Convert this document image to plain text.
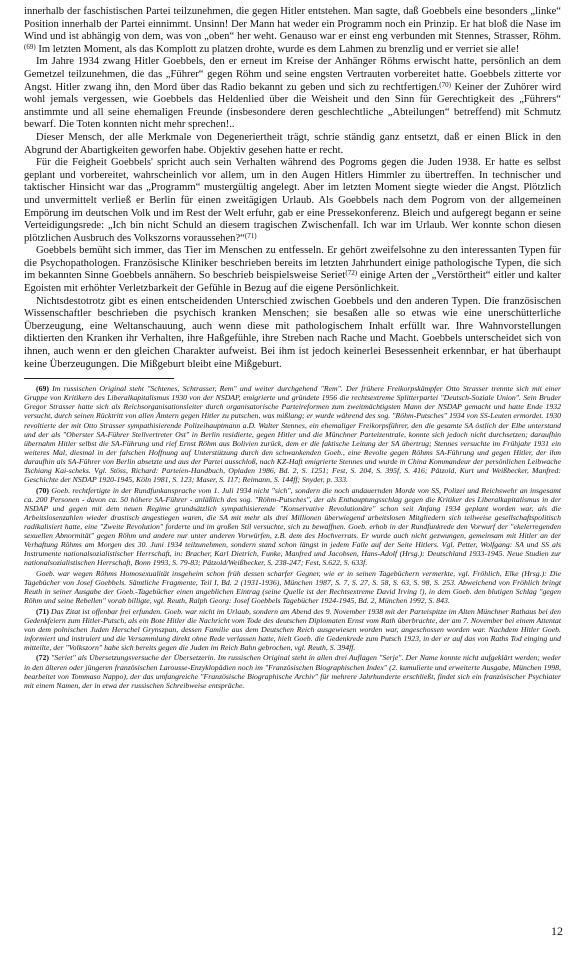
innerhalb der faschistischen Partei teilzunehmen, die gegen Hitler entstehen. Man sagte, daß Goebbels eine besonders „linke“ Position innerhalb der Partei einnimmt. Unsinn! Der Mann hat weder ein Programm noch ein Prinzip. Er hat bloß die Nase im Wind und ist abhängig von dem, was von „oben“ her weht. Genauso war er einst eng verbunden mit Stennes, Strasser, Röhm.$^{(69)}$ Im letzten Moment, als das Komplott zu platzen drohte, wurde es dem Lahmen zu brenzlig und er verriet sie alle!

Im Jahre 1934 zwang Hitler Goebbels, den er erneut im Kreise der Anhänger Röhms erwischt hatte, persönlich an dem Gemetzel teilzunehmen, die das „Führer“ gegen Röhm und seine engsten Vertrauten vorbereitet hatte. Goebbels zitterte vor Angst. Hitler zwang ihn, den Mord über das Radio bekannt zu geben und sich zu rechtfertigen.$^{(70)}$ Keiner der Zuhörer wird wohl jemals vergessen, wie Goebbels das Heldenlied über die Weisheit und den Sinn für Gerechtigkeit des „Führers“ anstimmte und all seine ehemaligen Freunde (insbesondere deren geschlechtliche „Abteilungen“ betreffend) mit Schmutz bewarf. Die Toten konnten nicht mehr sprechen!..

Dieser Mensch, der alle Merkmale von Degeneriertheit trägt, schrie ständig ganz entsetzt, daß er einen Blick in den Abgrund der Abartigkeiten geworfen habe. Objektiv gesehen hatte er recht.

Für die Feigheit Goebbels' spricht auch sein Verhalten während des Pogroms gegen die Juden 1938. Er hatte es selbst geplant und vorbereitet, wahrscheinlich vor allem, um in den Augen Hitlers Himmler zu übertreffen. In technischer und taktischer Hinsicht war das „Programm“ mustergültig angelegt. Aber im letzten Moment siegte wieder die Angst. Plötzlich und unvermittelt verließ er Berlin für einen zweitägigen Urlaub. Als Goebbels nach dem Pogrom von der allgemeinen Empörung im deutschen Volk und im Rest der Welt erfuhr, gab er eine Pressekonferenz. Bleich und aufgeregt begann er seine Verteidigungsrede: „Ich bin nicht Schuld an diesem tragischen Zwischenfall. Ich war im Urlaub. Wer konnte schon diesen plötzlichen Ausbruch des Volkszorns voraussehen?“$^{(71)}$

Goebbels bemüht sich immer, das Tier im Menschen zu entfesseln. Er gehört zweifelsohne zu den interessanten Typen für die Psychopathologen. Französische Kliniker beschrieben bereits im letzten Jahrhundert einige pathologische Typen, die sich im bekannten Sinne Goebbels annähern. So beschrieb beispielsweise Seriet$^{(72)}$ einige Arten der „Verstörtheit“ eitler und kalter Egoisten mit erhöhter Verletzbarkeit der Gefühle in Bezug auf die eigene Persönlichkeit.

Nichtsdestotrotz gibt es einen entscheidenden Unterschied zwischen Goebbels und den anderen Typen. Die französischen Wissenschaftler beschrieben die psychisch kranken Menschen; sie besaßen alle so etwas wie eine unerschütterliche Überzeugung, eine Weltanschauung, auch wenn diese mit pathologischem Inhalt erfüllt war. Ihre Wahnvorstellungen diktierten den Kranken ihr Verhalten, ihre Haßgefühle, ihre Streben nach Rache und Macht. Goebbels unterscheidet sich von ihnen, auch wenn er den gleichen Charakter aufweist. Bei ihm ist jedoch keinerlei Besessenheit erkennbar, er hat überhaupt keine Überzeugungen. Die Mißgeburt bleibt eine Mißgeburt.

(69) Im russischen Original steht "Schtenes, Schtrasser, Rem" und weiter durchgehend "Rem". Der frühere Freikorpskämpfer Otto Strasser trennte sich mit einer Gruppe von Kritikern des Liberalkapitalismus 1930 von der NSDAP, emigrierte und gründete 1956 die rechtsextreme Splitterpartei "Deutsch-Soziale Union". Sein Bruder Gregor Strasser hatte sich als Reichsorganisationsleiter durch organisatorische Parteireformen zum zweitmächtigsten Mann der NSDAP gemacht und hatte Ende 1932 versucht, durch seinen Rücktritt von allen Ämtern gegen Hitler zu putschen, was mißlang; er wurde während des sog. "Röhm-Putsches" 1934 von SS-Leuten ermordet. 1930 revoltierte der mit Otto Strasser sympathisierende Polizeihauptmann a.D. Walter Stennes, ein ehemaliger Freikorpsführer, den die gesamte SA östlich der Elbe unterstand und der als "Oberster SA-Führer Stellvertreter Ost" in Berlin residierte, gegen Hitler und die Münchner Parteizentrale, konnte sich jedoch nicht durchsetzen; daraufhin übernahm Hitler selbst die SA-Führung und rief Ernst Röhm aus Bolivien zurück, dem er die faktische Leitung der SA übertrug; Stennes versuchte im Frühjahr 1931 ein weiteres Mal, diesmal in der falschen Hoffnung auf Unterstützung durch den schwankenden Goeb., eine Revolte gegen Röhms SA-Führung und gegen Hitler, der ihm daraufhin als SA-Führer von Berlin absetzte und aus der Partei ausschloß, nach KZ-Haft emigrierte Stennes und wurde in China Kommandeur der persönlichen Leibwache Tschiang Kai-scheks. Vgl. Stöss, Richard: Parteien-Handbuch, Opladen 1986, Bd. 2, S. 1251; Fest, S. 204, S. 395f, S. 416; Pätzold, Kurt und Weißbecker, Manfred: Geschichte der NSDAP 1920-1945, Köln 1981, S. 123; Maser, S. 117; Reimann, S. 144ff; Snyder, p. 333.

(70) Goeb. rechtfertigte in der Rundfunkansprache vom 1. Juli 1934 nicht "sich", sondern die noch andauernden Morde von SS, Polizei und Reichswehr an insgesamt ca. 200 Personen - davon ca. 50 höhere SA-Führer - anläßlich des sog. "Röhm-Putsches", der als Enthauptungsschlag gegen die Kritiker des Liberalkapitalismus in der NSDAP und gegen mit dem neuen Regime grundsätzlich sympathisierende "Konservative Revolutionäre" schon seit Anfang 1934 geplant worden war, als die Arbeitslosenzahlen wieder drastisch angestiegen waren, die SA mit mehr als drei Millionen überwiegend arbeitslosen Mitgliedern sich teilweise gesellschaftspolitisch radikalisiert hatte, eine "Zweite Revolution" forderte und im großen Stil versuchte, sich zu bewaffnen. Goeb. erhob in der Rundfunkrede den Vorwurf der "ekelerregenden sexuellen Abnormität" gegen Röhm und andere nur unter anderen Vorwürfen, z.B. dem des Hochverrats. Er wurde auch nicht gezwungen, gemeinsam mit Hitler an der Verhaftung Röhms am Morgen des 30. Juni 1934 teilzunehmen, sondern stand schon längst in jedem Falle auf der Seite Hitlers. Vgl. Petter, Wolfgang: SA und SS als Instrumente nationalsozialistischer Herrschaft, in: Bracher, Karl Dietrich, Funke, Manfred und Jacobsen, Hans-Adolf (Hrsg.): Deutschland 1933-1945. Neue Studien zur nationalsozialistischen Herrschaft, Bonn 1993, S. 79-83; Pätzold/Weißbecker, S. 238-247; Fest, S.622, S. 633f.

Goeb. war wegen Röhms Homosexualität insgeheim schon früh dessen scharfer Gegner, wie er in seinen Tagebüchern vermerkte, vgl. Fröhlich, Elke (Hrsg.): Die Tagebücher von Josef Goebbels. Sämtliche Fragmente, Teil I, Bd. 2 (1931-1936), München 1987, S. 7, S. 27, S. 58, S. 63, S. 98, S. 253. Abweichend von Fröhlich bringt Reuth in seiner Ausgabe der Goeb.-Tagebücher einen angeblichen Eintrag (seine Quelle ist der Rechtsextreme David Irving !), in dem Goeb. den blutigen Schlag "gegen Röhm und seine Rebellen" vorab billigte, vgl. Reuth, Ralph Georg: Josef Goebbels Tagebücher 1924-1945, Bd. 2, München 1992, S. 843.

(71) Das Zitat ist offenbar frei erfunden. Goeb. war nicht im Urlaub, sondern am Abend des 9. November 1938 mit der Parteispitze im Alten Münchner Rathaus bei den Gedenkfeiern zum Hitler-Putsch, als ein Bote Hitler die Nachricht vom Tode des deutschen Diplomaten Ernst vom Rath überbrachte, der am 7. November bei einem Attentat von dem polnischen Juden Herschel Grynszpan, dessen Familie aus dem Deutschen Reich ausgewiesen worden war, angeschossen worden war. Nachdem Hitler Goeb. informiert und instruiert und die Versammlung direkt ohne Rede verlassen hatte, hielt Goeb. die Gedenkrede zum Putsch 1923, in der er auf das von Raths Tod einging und mitteilte, der "Volkszorn" habe sich bereits gegen die Juden im Reich Bahn gebrochen, vgl. Reuth, S. 394ff.

(72) "Seriet" als Übersetzungsversuche der Übersetzerin. Im russischen Original steht in allen drei Auflagen "Serje". Der Name konnte nicht aufgeklärt werden; weder in den älteren oder jüngeren französischen Larousse-Enzyklopädien noch im "Französischen Biographischen Index" (2. kumulierte und erweiterte Ausgabe, München 1998, bearbeitet von Tommaso Nappo), der das umfangreiche "Französische Biographische Archiv" für mehrere Jahrhunderte erschließt, findet sich ein französischer Psychiater mit einem Namen, der in etwa der russischen Schreibweise entspräche.

12
